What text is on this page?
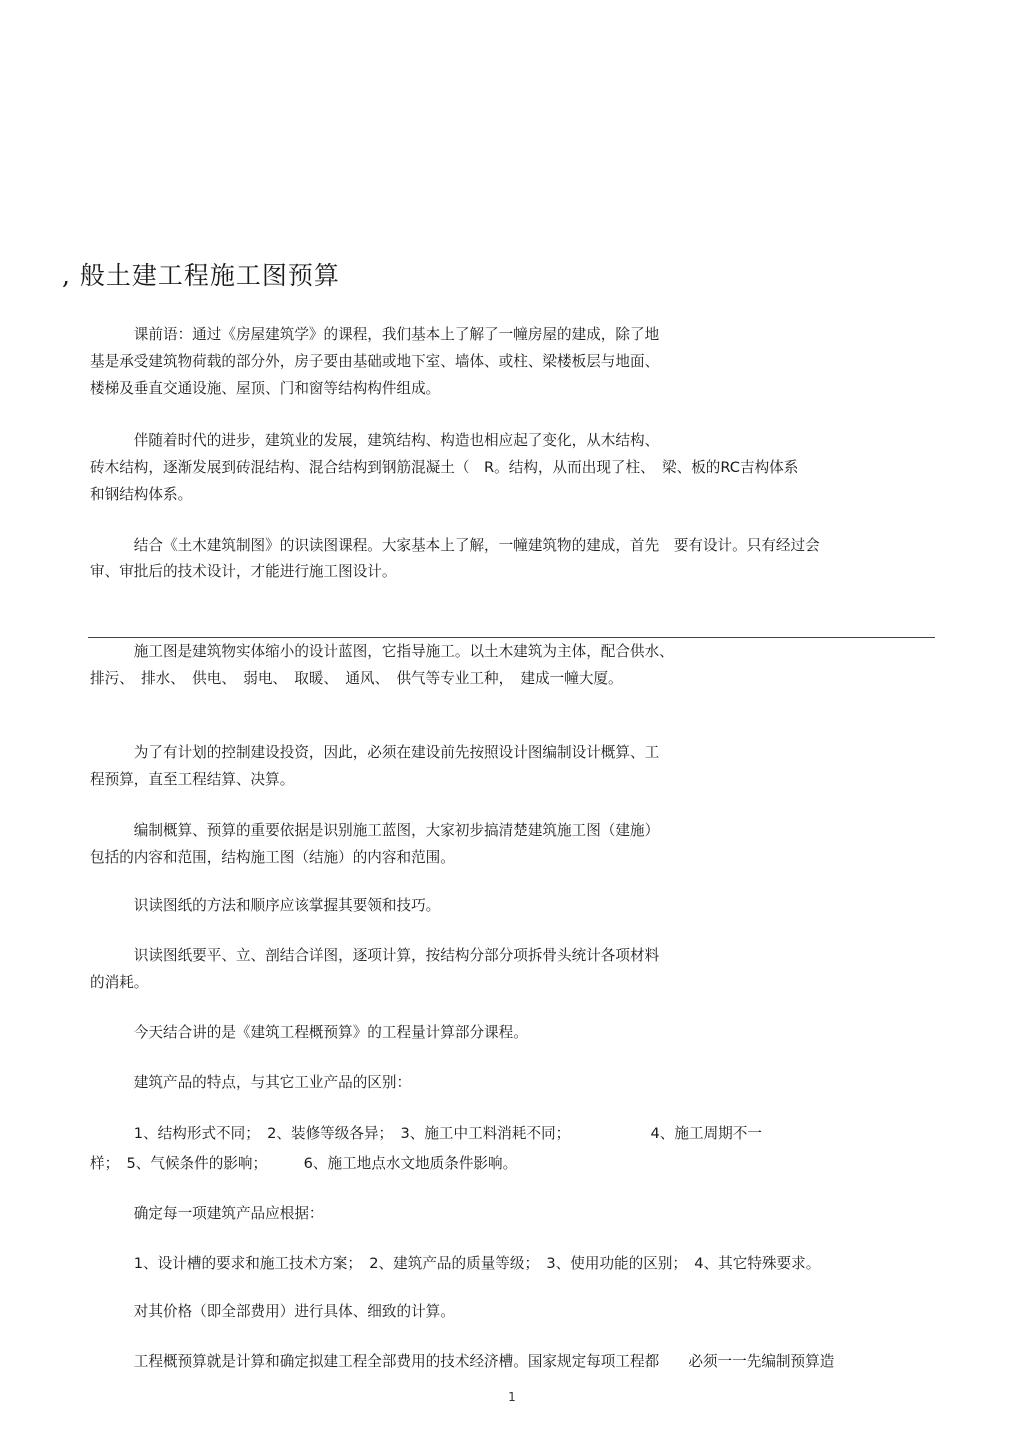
, 般土建工程施工图预算
　　　课前语：通过《房屋建筑学》的课程，我们基本上了解了一幢房屋的建成，除了地
基是承受建筑物荷载的部分外，房子要由基础或地下室、墙体、或柱、梁楼板层与地面、
楼梯及垂直交通设施、屋顶、门和窗等结构构件组成。
　　　伴随着时代的进步，建筑业的发展，建筑结构、构造也相应起了变化，从木结构、
砖木结构，逐渐发展到砖混结构、混合结构到钢筋混凝土（　R。结构，从而出现了柱、　梁、板的RC吉构体系
和钢结构体系。
　　　结合《土木建筑制图》的识读图课程。大家基本上了解，一幢建筑物的建成，首先　要有设计。只有经过会
审、审批后的技术设计，才能进行施工图设计。
　　　施工图是建筑物实体缩小的设计蓝图，它指导施工。以土木建筑为主体，配合供水、
排污、　排水、　供电、　弱电、　取暖、　通风、　供气等专业工种，　建成一幢大厦。
　　　为了有计划的控制建设投资，因此，必须在建设前先按照设计图编制设计概算、工
程预算，直至工程结算、决算。
　　　编制概算、预算的重要依据是识别施工蓝图，大家初步搞清楚建筑施工图（建施）
包括的内容和范围，结构施工图（结施）的内容和范围。
　　　识读图纸的方法和顺序应该掌握其要领和技巧。
　　　识读图纸要平、立、剖结合详图，逐项计算，按结构分部分项拆骨头统计各项材料
的消耗。
　　　今天结合讲的是《建筑工程概预算》的工程量计算部分课程。
　　　建筑产品的特点，与其它工业产品的区别：
　　　1、结构形式不同；　2、装修等级各异；　3、施工中工料消耗不同；　　　　　　4、施工周期不一
样；　5、气候条件的影响；　　　6、施工地点水文地质条件影响。
　　　确定每一项建筑产品应根据：
　　　1、设计槽的要求和施工技术方案；　2、建筑产品的质量等级；　3、使用功能的区别；　4、其它特殊要求。
　　　对其价格（即全部费用）进行具体、细致的计算。
　　　工程概预算就是计算和确定拟建工程全部费用的技术经济槽。国家规定每项工程都　　必须一一先编制预算造
1
